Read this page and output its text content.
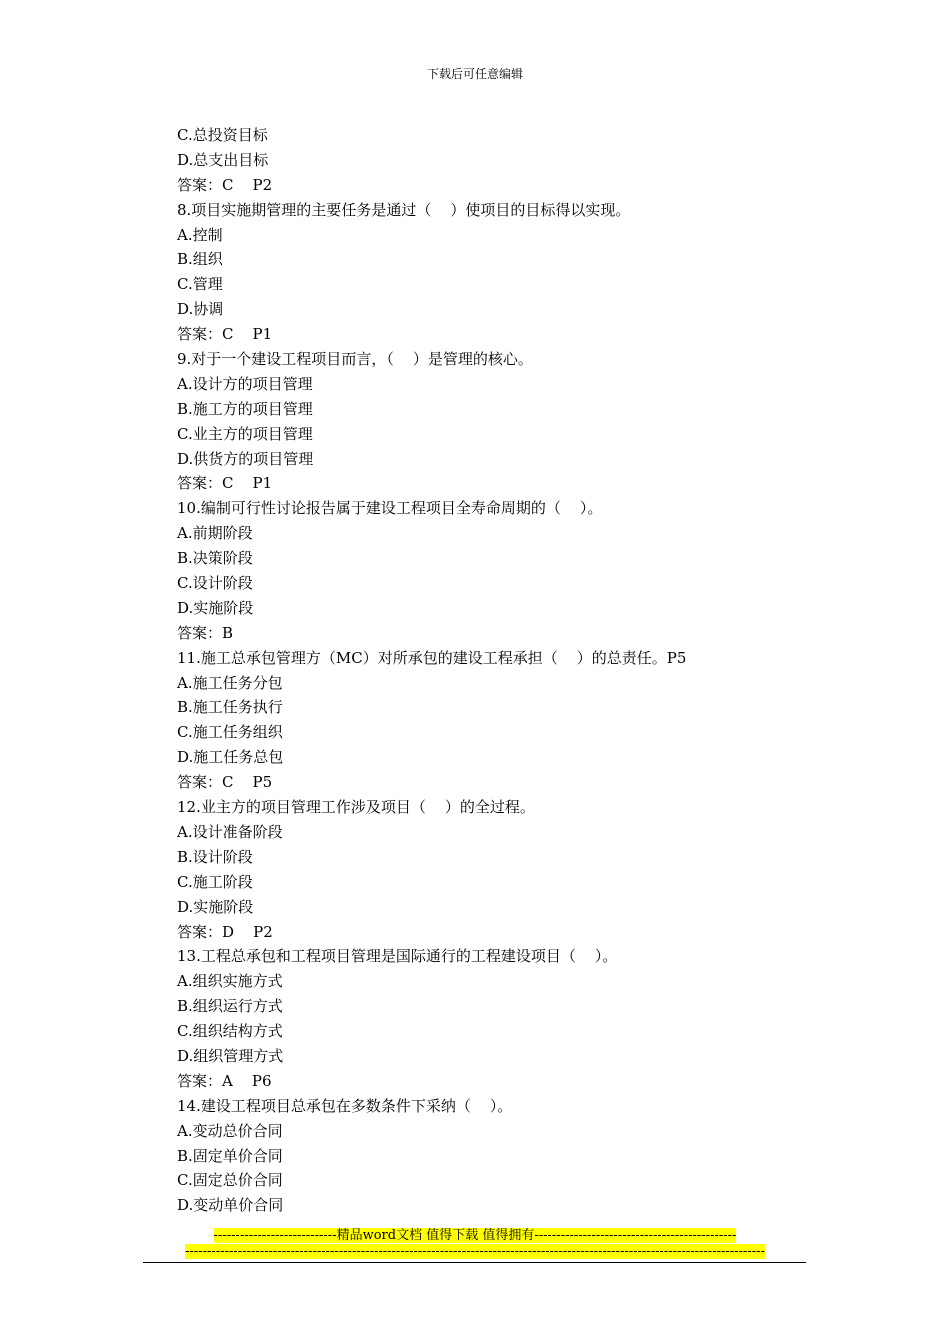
下载后可任意编辑
C.总投资目标
D.总支出目标
答案：C    P2
8.项目实施期管理的主要任务是通过（    ）使项目的目标得以实现。
A.控制
B.组织
C.管理
D.协调
答案：C    P1
9.对于一个建设工程项目而言，（    ）是管理的核心。
A.设计方的项目管理
B.施工方的项目管理
C.业主方的项目管理
D.供货方的项目管理
答案：C    P1
10.编制可行性讨论报告属于建设工程项目全寿命周期的（    ）。
A.前期阶段
B.决策阶段
C.设计阶段
D.实施阶段
答案：B
11.施工总承包管理方（MC）对所承包的建设工程承担（    ）的总责任。P5
A.施工任务分包
B.施工任务执行
C.施工任务组织
D.施工任务总包
答案：C    P5
12.业主方的项目管理工作涉及项目（    ）的全过程。
A.设计准备阶段
B.设计阶段
C.施工阶段
D.实施阶段
答案：D    P2
13.工程总承包和工程项目管理是国际通行的工程建设项目（    ）。
A.组织实施方式
B.组织运行方式
C.组织结构方式
D.组织管理方式
答案：A    P6
14.建设工程项目总承包在多数条件下采纳（    ）。
A.变动总价合同
B.固定单价合同
C.固定总价合同
D.变动单价合同
----------------------------精品word文档 值得下载 值得拥有----------------------------------------------
------------------------------------------------------------------------------------------------------------------------------------
